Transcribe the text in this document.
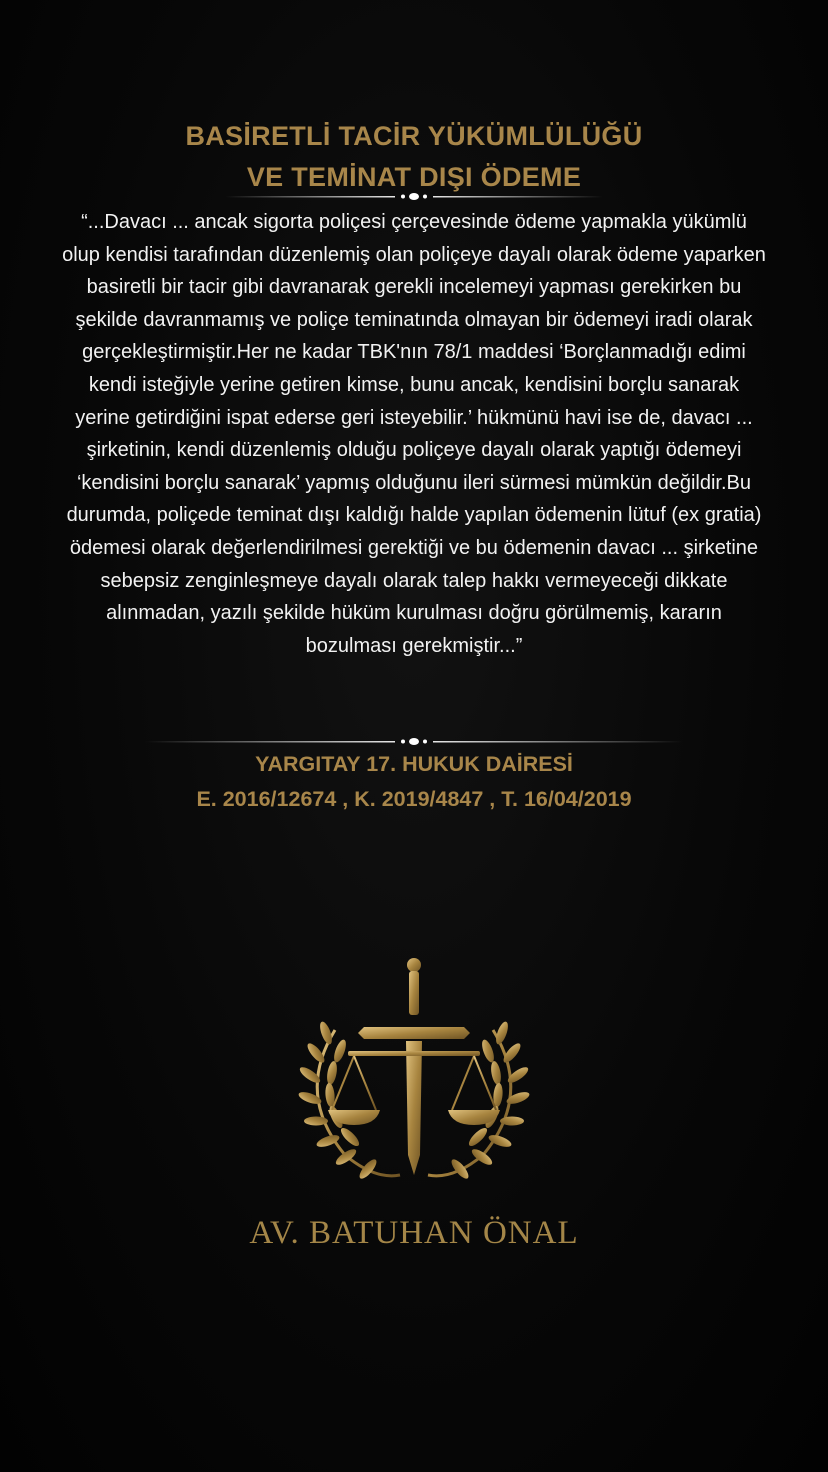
BASİRETLİ TACİR YÜKÜMLÜLÜĞÜ
VE TEMİNAT DIŞI ÖDEME

“...Davacı ... ancak sigorta poliçesi çerçevesinde ödeme yapmakla yükümlü olup kendisi tarafından düzenlemiş olan poliçeye dayalı olarak ödeme yaparken basiretli bir tacir gibi davranarak gerekli incelemeyi yapması gerekirken bu şekilde davranmamış ve poliçe teminatında olmayan bir ödemeyi iradi olarak gerçekleştirmiştir.Her ne kadar TBK'nın 78/1 maddesi ‘Borçlanmadığı edimi kendi isteğiyle yerine getiren kimse, bunu ancak, kendisini borçlu sanarak yerine getirdiğini ispat ederse geri isteyebilir.’ hükmünü havi ise de, davacı ... şirketinin, kendi düzenlemiş olduğu poliçeye dayalı olarak yaptığı ödemeyi ‘kendisini borçlu sanarak’ yapmış olduğunu ileri sürmesi mümkün değildir.Bu durumda, poliçede teminat dışı kaldığı halde yapılan ödemenin lütuf (ex gratia) ödemesi olarak değerlendirilmesi gerektiği ve bu ödemenin davacı ... şirketine sebepsiz zenginleşmeye dayalı olarak talep hakkı vermeyeceği dikkate alınmadan, yazılı şekilde hüküm kurulması doğru görülmemiş, kararın bozulması gerekmiştir...”

YARGITAY 17. HUKUK DAİRESİ

E. 2016/12674 , K. 2019/4847 , T. 16/04/2019

AV. BATUHAN ÖNAL
